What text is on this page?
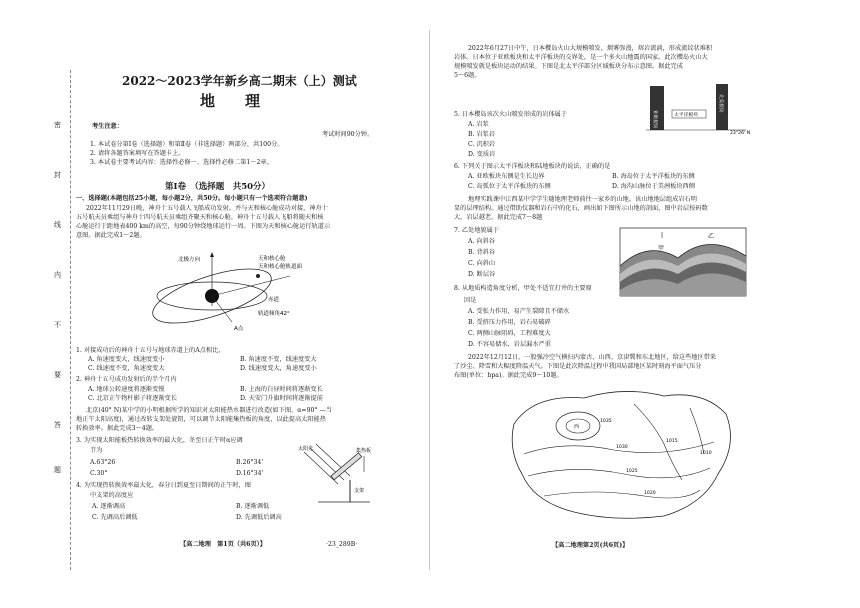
密
封
线
内
不
要
答
题
2022～2023学年新乡高二期末（上）测试
地　　理
考生注意：
考试时间90分钟。
1. 本试卷分第Ⅰ卷（选择题）和第Ⅱ卷（非选择题）两部分，共100分。
2. 请将各题答案填写在答题卡上。
3. 本试卷主要考试内容：选择性必修一、选择性必修二第1～2章。
第Ⅰ卷　（选择题　共50分）
一、选择题(本题包括25小题，每小题2分，共50分。每小题只有一个选项符合题意)
2022年11月29日晚，神舟十五号载人飞船成功发射。并与天和核心舱成功对接，神舟十
五号航天员乘组与神舟十四号航天员乘组齐聚天和核心舱。神舟十五号载人飞船将随天和核
心舱运行于距地表400 km的高空，每90分钟绕地球运行一周。下图为天和核心舱运行轨道示
意图。据此完成1～2题。
北极方向	天和核心舱
天和核心舱轨道面
赤道
轨道倾角42°
A点
1. 对接成功后的神舟十五号与地球赤道上的A点相比，
A. 角速度变大，线速度变小	B. 角速度不变，线速度变大
C. 线速度不变，角速度变大	D. 线速度变大，角速度变小
2. 神舟十五号成功发射后的半个月内
A. 地球公转速度将逐渐变慢	B. 上海的白昼时间将逐渐变长
C. 北京正午物杆影子将逐渐变长	D. 天安门升旗时间将逐渐提前
北京(40° N)某中学的小明根据所学的知识对太阳能热水器进行改造(如下图，α=90° —当
地正午太阳高度)，通过改转支架处旋钮，可以调节太阳能集热板的角度，以此提高太阳能热
转换效率。据此完成3～4题。
3. 为实现太阳能板热转换效率的最大化，冬至日正午时α应调
节为
A.63°26	B.26°34'
C.30°	D.16°34'
4. 为实现热转换效率最大化，春分日到夏至日期间的正午时，图
中支架的高度应
A. 逐渐调高	B. 逐渐调低
C. 先调高后调低	D. 先调低后调高
太阳光	集热板
支架
【高二地理　第1页（共6页）】	·23_289B·
2022年6月27日中午，日本樱岛火山大规模喷发，烟雾弥漫，熔岩流淌，形成流纹状堆积
岩体。日本位于亚欧板块和太平洋板块的交界处，是一个多火山地震的国家。此次樱岛火山大
规模喷发就是板块运动的结果。下图是北太平洋部分区域板块分布示意图。据此完成
5～6题。
亚欧板块	太平洋板块
北美板块
23°26' N
5. 日本樱岛该次火山喷发形成的岩体属于
A. 岩浆
B. 岩浆岩
C. 沉积岩
D. 变质岩
6. 下列关于图示太平洋板块和陆地板块的说法，正确的是
A. 亚欧板块东侧是生长边界	B. 海岛位于太平洋板块的东侧
C. 岛弧位于太平洋板块的东侧	D. 海沟山脉位于美洲板块西侧
地理实践课中江西某中学学生随地理老师前往一家乡的山地。该山地地层组成岩石明
显的层理结构。通过借助仪器和岩石中的化石，画出如下图所示山地的剖面，图中岩层按码数
大，岩层越老。据此完成7～8题
乙
甲
7. 乙处地貌属于
A. 向斜谷
B. 背斜谷
C. 向斜山
D. 断层谷
8. 从地质构造角度分析，甲处不适宜打井的主要原
因是
A. 受张力作用，易产生裂隙且不储水
B. 受挤压力作用，岩石易破碎
C. 两侧山脉阻碍，工程难度大
D. 不容易储水，岩层漏水严重
2022年12月12日，一股强冷空气横扫内蒙古、山西、京津冀和东北地区，给这些地区带来
了沙尘、降雪和大幅度降温天气。下图是此次降温过程中我国局部地区某时刻海平面气压分
布图(单位：hpa)。据此完成9～10题。
西
1035
1030
1025
1020
1015
1010
【高二地理第2页(共6页)】
